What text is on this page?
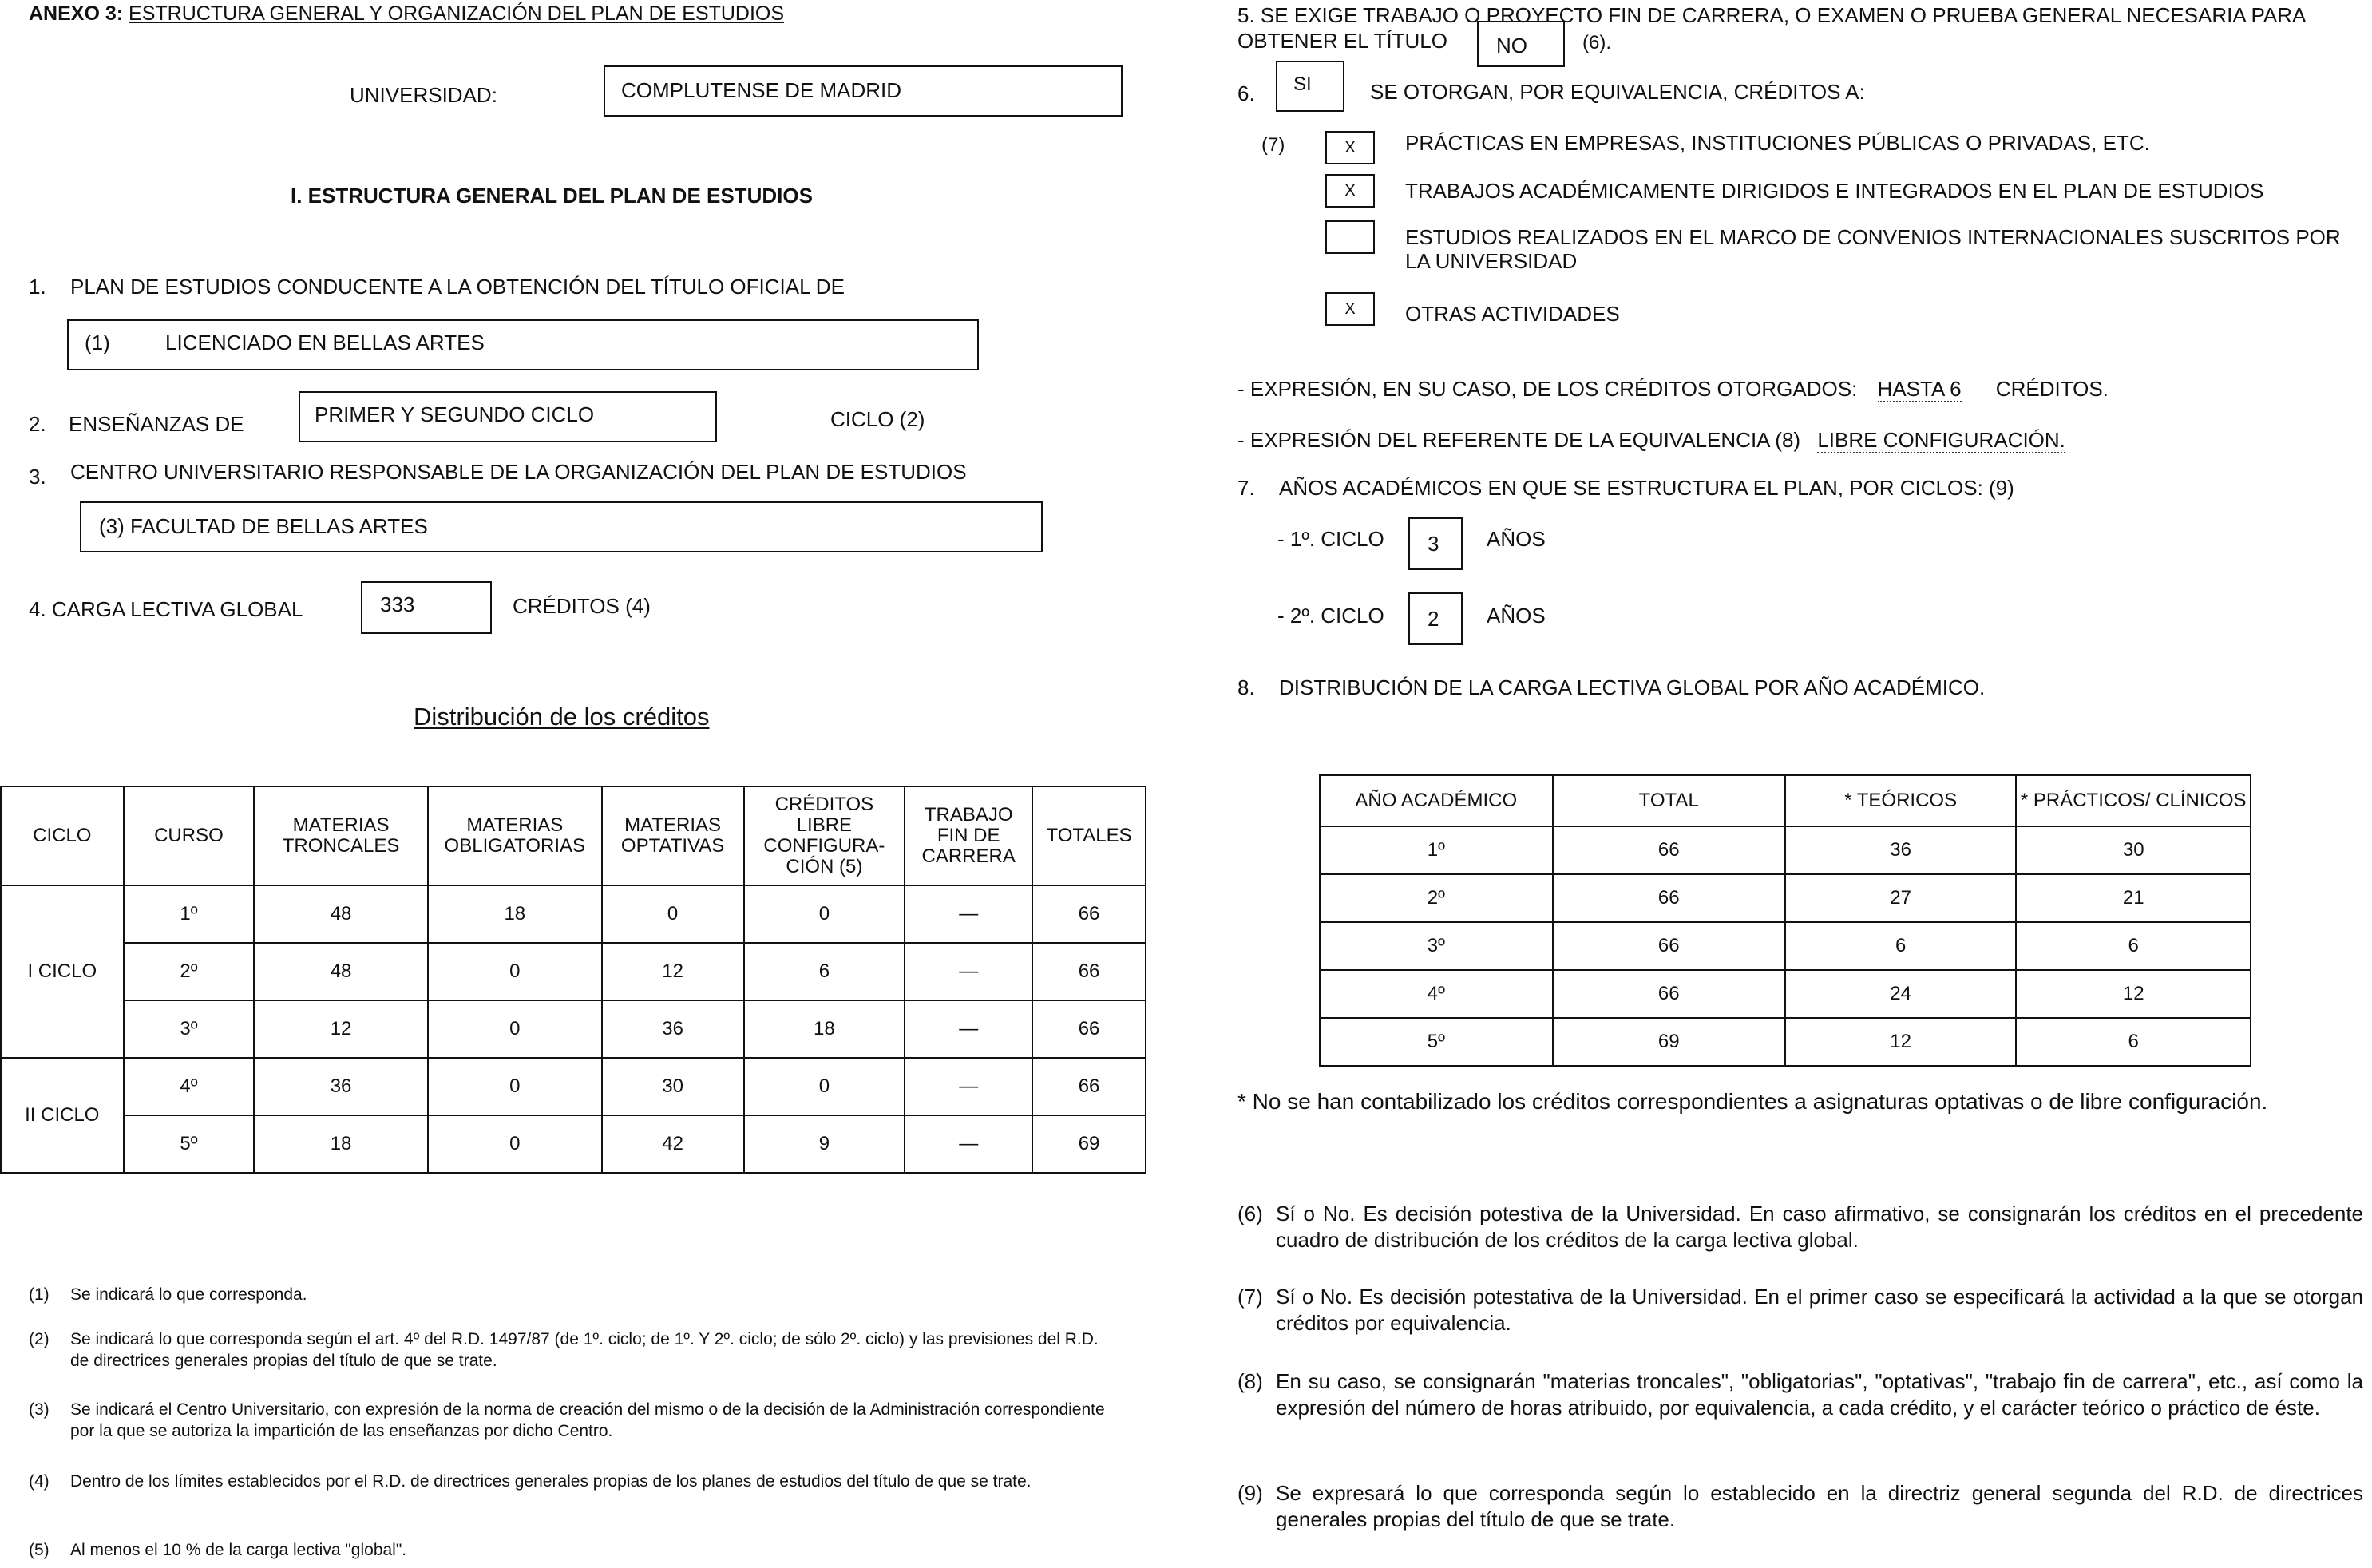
ANEXO 3: ESTRUCTURA GENERAL Y ORGANIZACIÓN DEL PLAN DE ESTUDIOS
UNIVERSIDAD:	COMPLUTENSE DE MADRID
I. ESTRUCTURA GENERAL DEL PLAN DE ESTUDIOS
1. PLAN DE ESTUDIOS CONDUCENTE A LA OBTENCIÓN DEL TÍTULO OFICIAL DE
(1)	LICENCIADO EN BELLAS ARTES
2. ENSEÑANZAS DE	PRIMER Y SEGUNDO CICLO	CICLO (2)
3. CENTRO UNIVERSITARIO RESPONSABLE DE LA ORGANIZACIÓN DEL PLAN DE ESTUDIOS
(3) FACULTAD DE BELLAS ARTES
4. CARGA LECTIVA GLOBAL	333	CRÉDITOS (4)
Distribución de los créditos
CICLO	CURSO	MATERIAS TRONCALES	MATERIAS OBLIGATORIAS	MATERIAS OPTATIVAS	CRÉDITOS LIBRE CONFIGURA- CIÓN (5)	TRABAJO FIN DE CARRERA	TOTALES
I CICLO	1º	48	18	0	0	—	66
	2º	48	0	12	6	—	66
	3º	12	0	36	18	—	66
II CICLO	4º	36	0	30	0	—	66
	5º	18	0	42	9	—	69
(1) Se indicará lo que corresponda.
(2) Se indicará lo que corresponda según el art. 4º del R.D. 1497/87 (de 1º. ciclo; de 1º. Y 2º. ciclo; de sólo 2º. ciclo) y las previsiones del R.D. de directrices generales propias del título de que se trate.
(3) Se indicará el Centro Universitario, con expresión de la norma de creación del mismo o de la decisión de la Administración correspondiente por la que se autoriza la impartición de las enseñanzas por dicho Centro.
(4) Dentro de los límites establecidos por el R.D. de directrices generales propias de los planes de estudios del título de que se trate.
(5) Al menos el 10 % de la carga lectiva "global".
5. SE EXIGE TRABAJO O PROYECTO FIN DE CARRERA, O EXAMEN O PRUEBA GENERAL NECESARIA PARA
OBTENER EL TÍTULO	NO	(6).
6.	SI	SE OTORGAN, POR EQUIVALENCIA, CRÉDITOS A:
(7)	X PRÁCTICAS EN EMPRESAS, INSTITUCIONES PÚBLICAS O PRIVADAS, ETC.
X TRABAJOS ACADÉMICAMENTE DIRIGIDOS E INTEGRADOS EN EL PLAN DE ESTUDIOS
ESTUDIOS REALIZADOS EN EL MARCO DE CONVENIOS INTERNACIONALES SUSCRITOS POR LA UNIVERSIDAD
X OTRAS ACTIVIDADES
- EXPRESIÓN, EN SU CASO, DE LOS CRÉDITOS OTORGADOS: HASTA 6 CRÉDITOS.
- EXPRESIÓN DEL REFERENTE DE LA EQUIVALENCIA (8) LIBRE CONFIGURACIÓN.
7. AÑOS ACADÉMICOS EN QUE SE ESTRUCTURA EL PLAN, POR CICLOS: (9)
- 1º. CICLO	3	AÑOS
- 2º. CICLO	2	AÑOS
8. DISTRIBUCIÓN DE LA CARGA LECTIVA GLOBAL POR AÑO ACADÉMICO.
AÑO ACADÉMICO	TOTAL	* TEÓRICOS	* PRÁCTICOS/ CLÍNICOS
1º	66	36	30
2º	66	27	21
3º	66	6	6
4º	66	24	12
5º	69	12	6
* No se han contabilizado los créditos correspondientes a asignaturas optativas o de libre configuración.
(6) Sí o No. Es decisión potestiva de la Universidad. En caso afirmativo, se consignarán los créditos en el precedente cuadro de distribución de los créditos de la carga lectiva global.
(7) Sí o No. Es decisión potestativa de la Universidad. En el primer caso se especificará la actividad a la que se otorgan créditos por equivalencia.
(8) En su caso, se consignarán "materias troncales", "obligatorias", "optativas", "trabajo fin de carrera", etc., así como la expresión del número de horas atribuido, por equivalencia, a cada crédito, y el carácter teórico o práctico de éste.
(9) Se expresará lo que corresponda según lo establecido en la directriz general segunda del R.D. de directrices generales propias del título de que se trate.
